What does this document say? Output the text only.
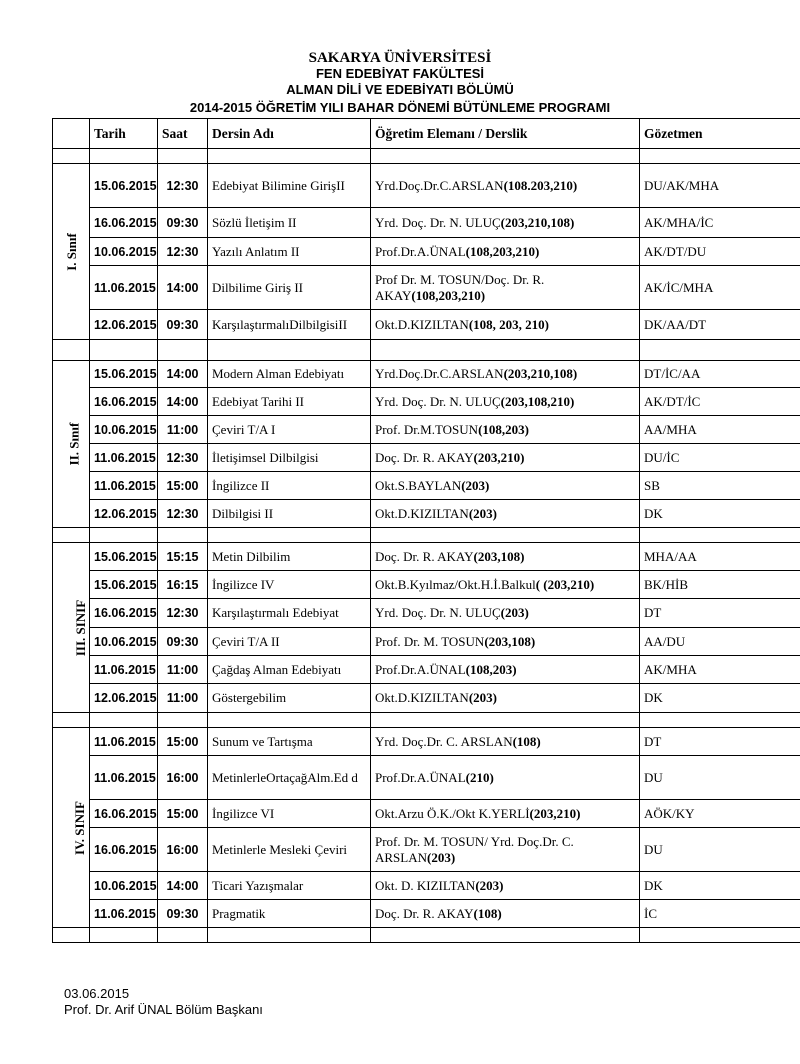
SAKARYA ÜNİVERSİTESİ
FEN EDEBİYAT FAKÜLTESİ
ALMAN DİLİ VE EDEBİYATI BÖLÜMÜ
2014-2015 ÖĞRETİM YILI BAHAR DÖNEMİ BÜTÜNLEME PROGRAMI
	Tarih	Saat	Dersin Adı	Öğretim Elemanı / Derslik	Gözetmen

I. Sınıf	15.06.2015	12:30	Edebiyat Bilimine GirişII	Yrd.Doç.Dr.C.ARSLAN(108.203,210)	DU/AK/MHA
	16.06.2015	09:30	Sözlü İletişim II	Yrd. Doç. Dr. N. ULUÇ(203,210,108)	AK/MHA/İC
	10.06.2015	12:30	Yazılı Anlatım II	Prof.Dr.A.ÜNAL(108,203,210)	AK/DT/DU
	11.06.2015	14:00	Dilbilime Giriş II	Prof Dr. M. TOSUN/Doç. Dr. R. AKAY(108,203,210)	AK/İC/MHA
	12.06.2015	09:30	KarşılaştırmalıDilbilgisiII	Okt.D.KIZILTAN(108, 203, 210)	DK/AA/DT

II. Sınıf	15.06.2015	14:00	Modern Alman Edebiyatı	Yrd.Doç.Dr.C.ARSLAN(203,210,108)	DT/İC/AA
	16.06.2015	14:00	Edebiyat Tarihi II	Yrd. Doç. Dr. N. ULUÇ(203,108,210)	AK/DT/İC
	10.06.2015	11:00	Çeviri T/A I	Prof. Dr.M.TOSUN(108,203)	AA/MHA
	11.06.2015	12:30	İletişimsel Dilbilgisi	Doç. Dr. R. AKAY(203,210)	DU/İC
	11.06.2015	15:00	İngilizce II	Okt.S.BAYLAN(203)	SB
	12.06.2015	12:30	Dilbilgisi II	Okt.D.KIZILTAN(203)	DK

III. SINIF	15.06.2015	15:15	Metin Dilbilim	Doç. Dr. R. AKAY(203,108)	MHA/AA
	15.06.2015	16:15	İngilizce IV	Okt.B.Kyılmaz/Okt.H.İ.Balkul( (203,210)	BK/HİB
	16.06.2015	12:30	Karşılaştırmalı Edebiyat	Yrd. Doç. Dr. N. ULUÇ(203)	DT
	10.06.2015	09:30	Çeviri T/A II	Prof. Dr. M. TOSUN(203,108)	AA/DU
	11.06.2015	11:00	Çağdaş Alman Edebiyatı	Prof.Dr.A.ÜNAL(108,203)	AK/MHA
	12.06.2015	11:00	Göstergebilim	Okt.D.KIZILTAN(203)	DK

IV. SINIF	11.06.2015	15:00	Sunum ve Tartışma	Yrd. Doç.Dr. C. ARSLAN(108)	DT
	11.06.2015	16:00	MetinlerleOrtaçağAlm.Ed d	Prof.Dr.A.ÜNAL(210)	DU
	16.06.2015	15:00	İngilizce VI	Okt.Arzu Ö.K./Okt K.YERLİ(203,210)	AÖK/KY
	16.06.2015	16:00	Metinlerle Mesleki Çeviri	Prof. Dr. M. TOSUN/ Yrd. Doç.Dr. C. ARSLAN(203)	DU
	10.06.2015	14:00	Ticari Yazışmalar	Okt. D. KIZILTAN(203)	DK
	11.06.2015	09:30	Pragmatik	Doç. Dr. R. AKAY(108)	İC

03.06.2015
Prof. Dr. Arif ÜNAL Bölüm Başkanı
